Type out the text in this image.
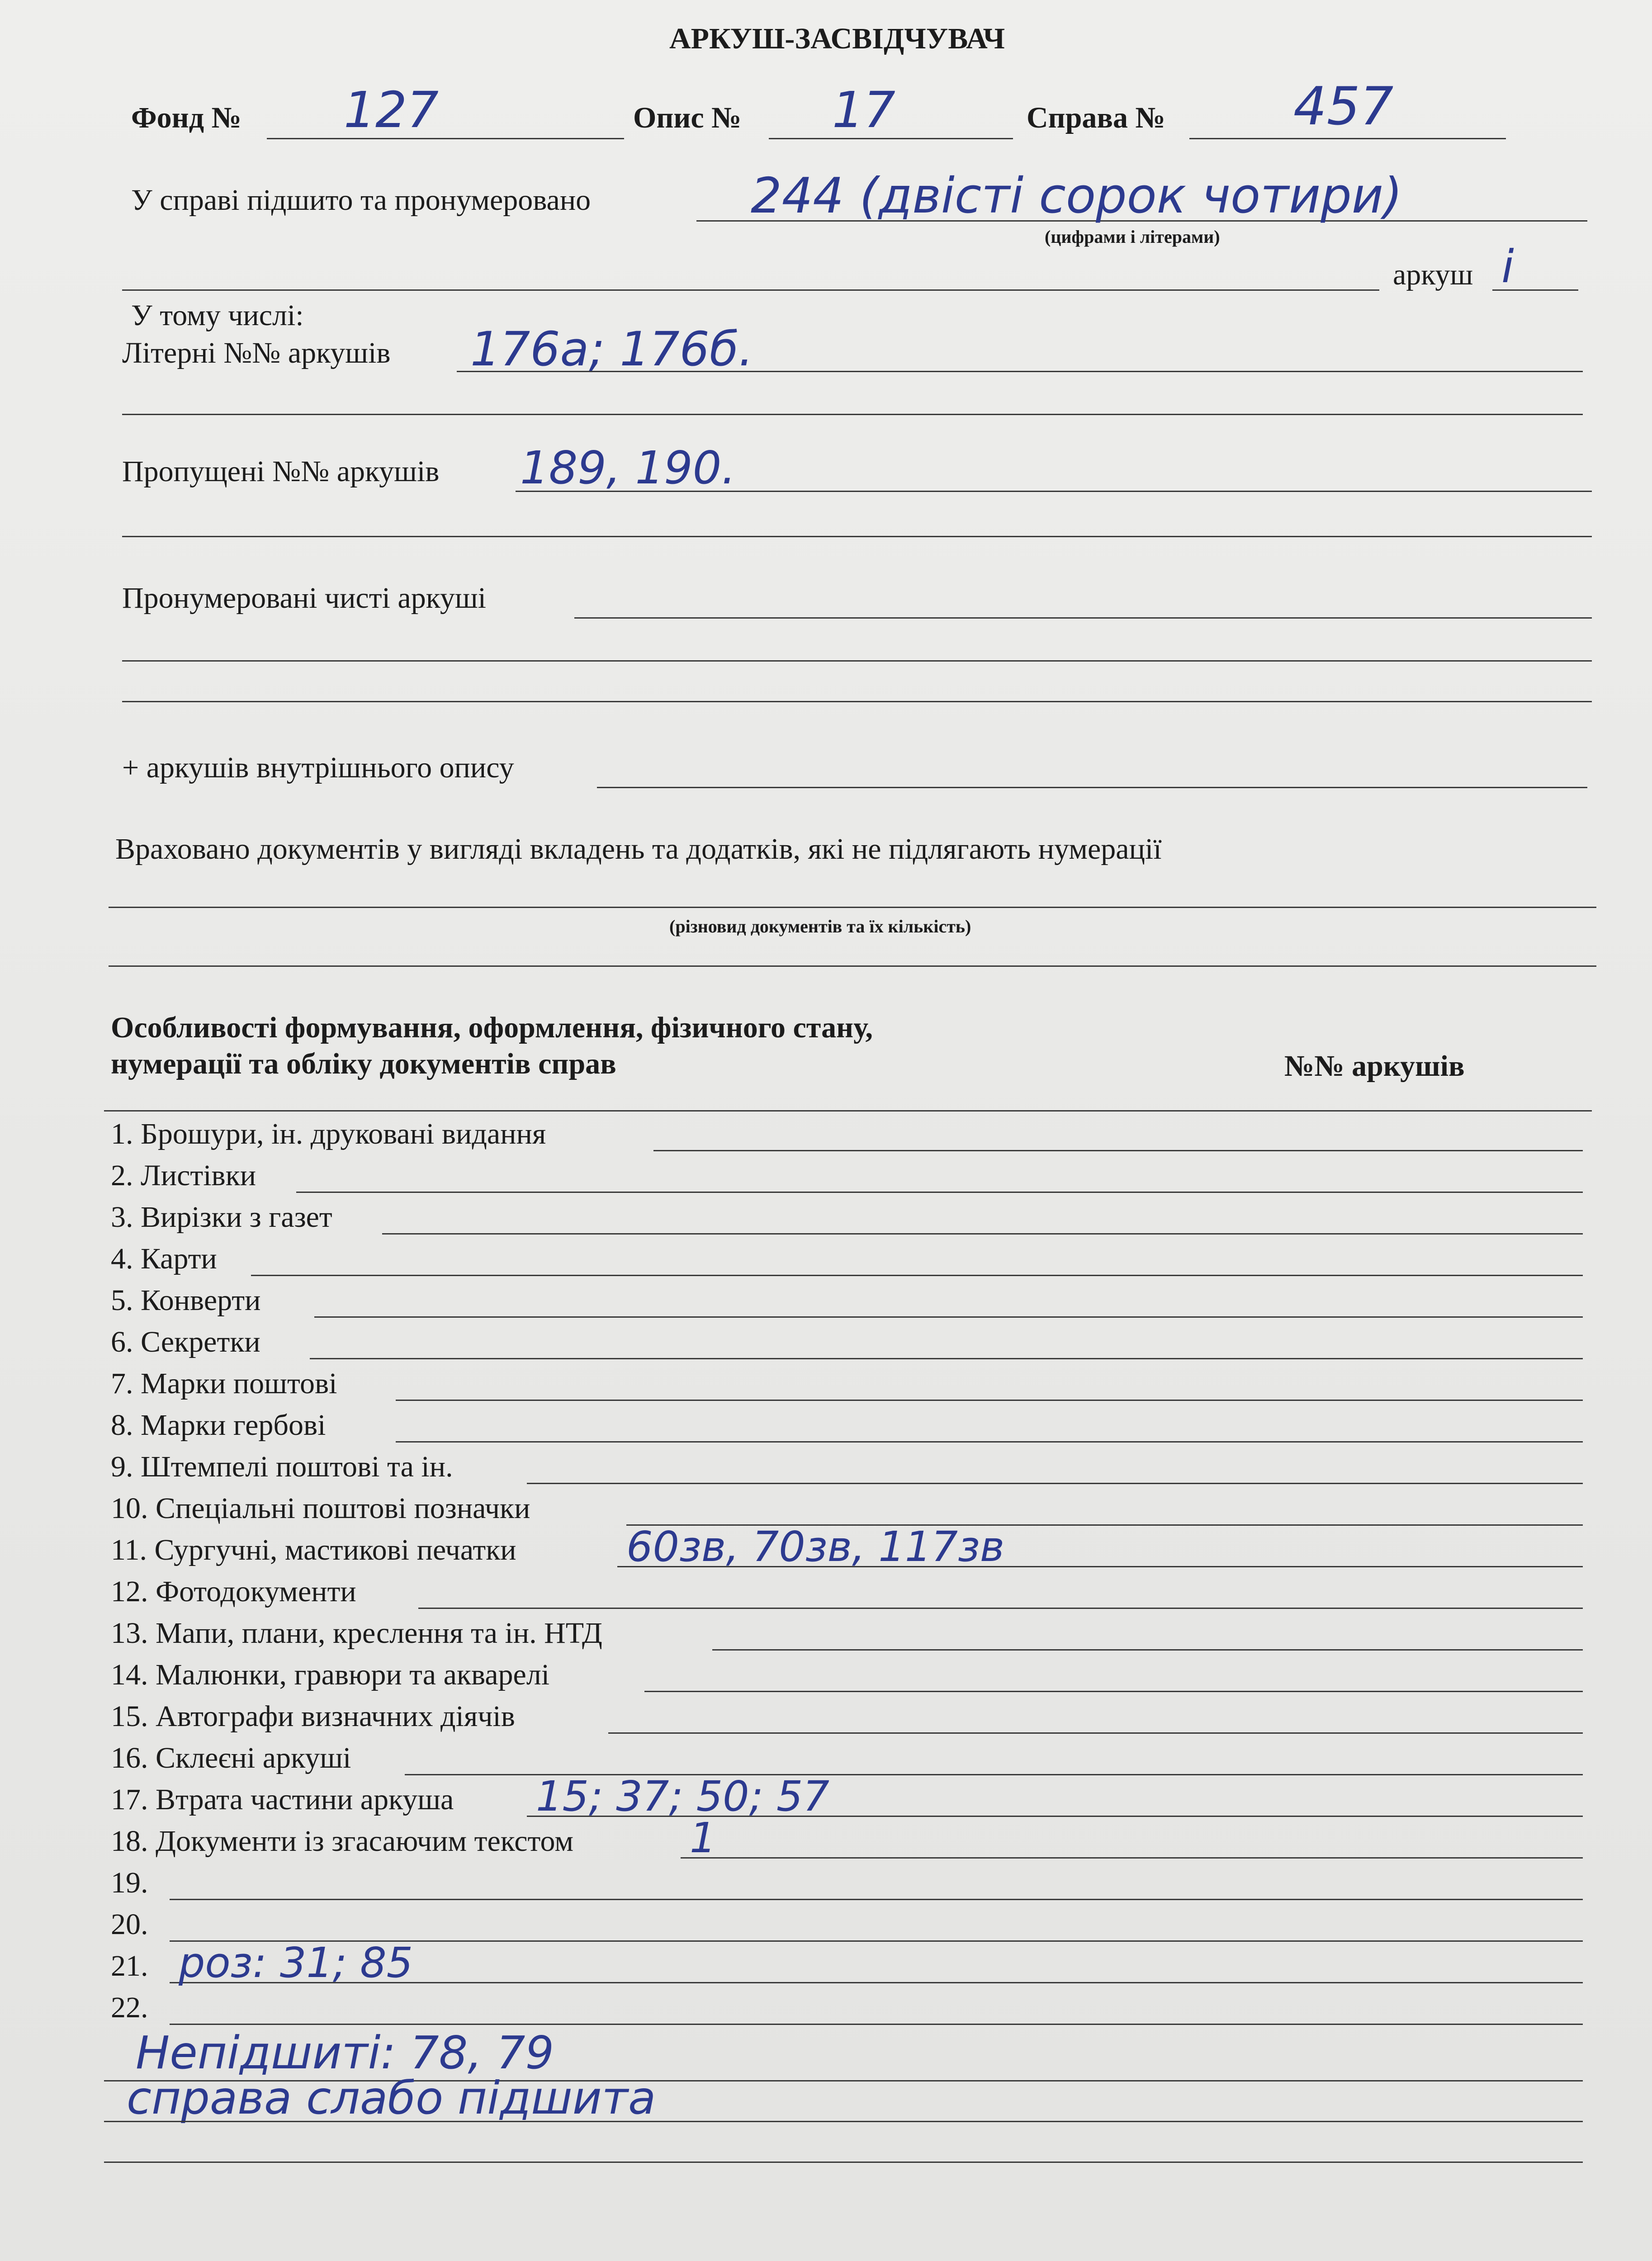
АРКУШ-ЗАСВІДЧУВАЧ
Фонд № 127	Опис № 17	Справа № 457
У справі підшито та пронумеровано	244 (двісті сорок чотири)
(цифрами і літерами)
аркуш і
У тому числі:
Літерні №№ аркушів 176а; 176б.
Пропущені №№ аркушів 189, 190.
Пронумеровані чисті аркуші
+ аркушів внутрішнього опису
Враховано документів у вигляді вкладень та додатків, які не підлягають нумерації
(різновид документів та їх кількість)
Особливості формування, оформлення, фізичного стану,
нумерації та обліку документів справ	№№ аркушів
1. Брошури, ін. друковані видання
2. Листівки
3. Вирізки з газет
4. Карти
5. Конверти
6. Секретки
7. Марки поштові
8. Марки гербові
9. Штемпелі поштові та ін.
10. Спеціальні поштові позначки
11. Сургучні, мастикові печатки	60зв, 70зв, 117зв
12. Фотодокументи
13. Мапи, плани, креслення та ін. НТД
14. Малюнки, гравюри та акварелі
15. Автографи визначних діячів
16. Склеєні аркуші
17. Втрата частини аркуша 15; 37; 50; 57
18. Документи із згасаючим текстом	1
19.
20.
21. роз: 31; 85
22.
Непідшиті: 78, 79
справа слабо підшита
